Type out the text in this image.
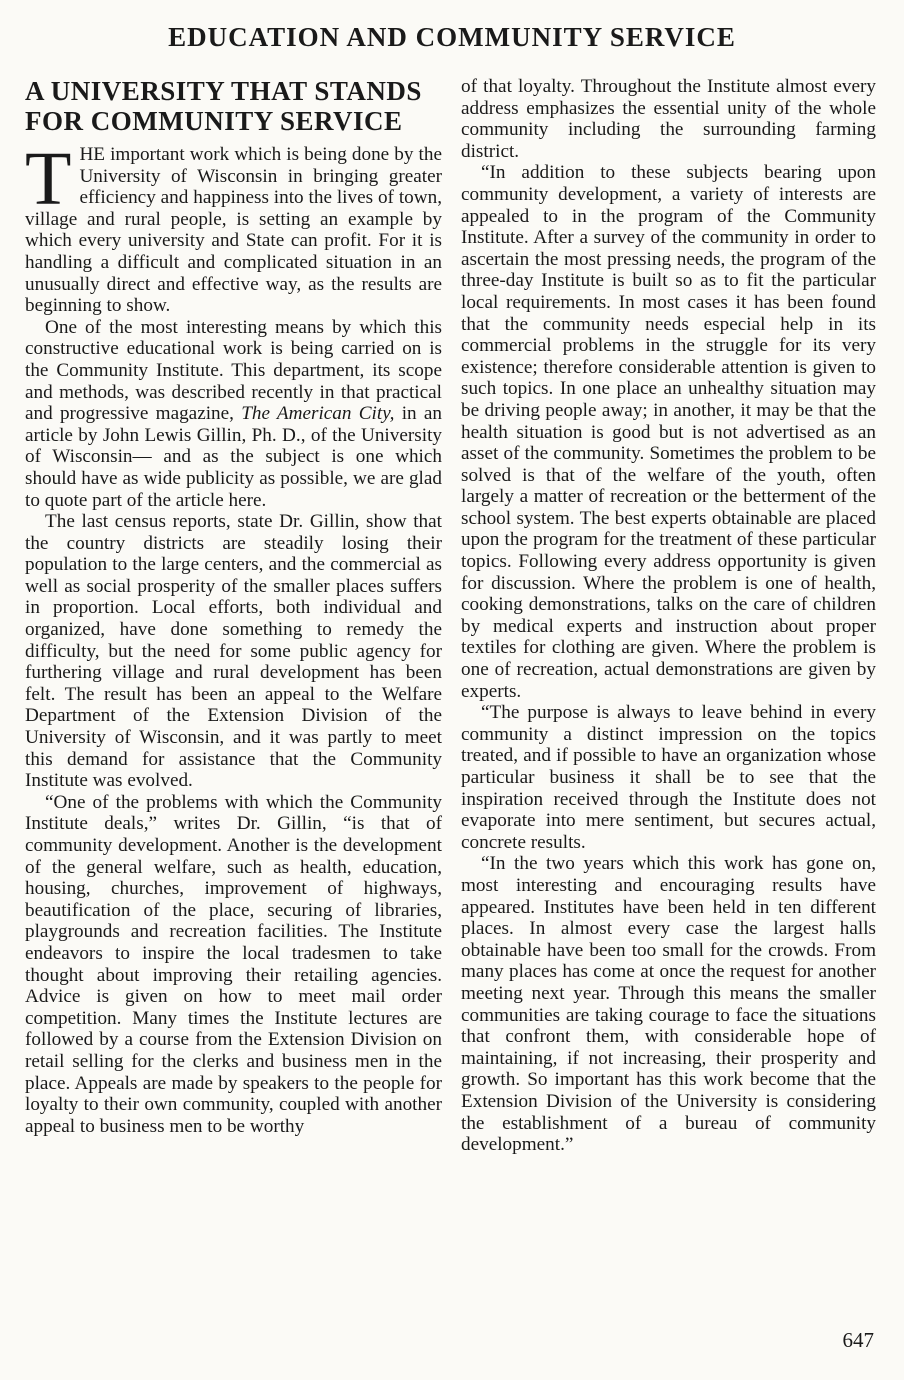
EDUCATION AND COMMUNITY SERVICE
A UNIVERSITY THAT STANDS FOR COMMUNITY SERVICE

THE important work which is being done by the University of Wisconsin in bringing greater efficiency and happiness into the lives of town, village and rural people, is setting an example by which every university and State can profit. For it is handling a difficult and complicated situation in an unusually direct and effective way, as the results are beginning to show.

One of the most interesting means by which this constructive educational work is being carried on is the Community Institute. This department, its scope and methods, was described recently in that practical and progressive magazine, The American City, in an article by John Lewis Gillin, Ph. D., of the University of Wisconsin— and as the subject is one which should have as wide publicity as possible, we are glad to quote part of the article here.

The last census reports, state Dr. Gillin, show that the country districts are steadily losing their population to the large centers, and the commercial as well as social prosperity of the smaller places suffers in proportion. Local efforts, both individual and organized, have done something to remedy the difficulty, but the need for some public agency for furthering village and rural development has been felt. The result has been an appeal to the Welfare Department of the Extension Division of the University of Wisconsin, and it was partly to meet this demand for assistance that the Community Institute was evolved.

“One of the problems with which the Community Institute deals,” writes Dr. Gillin, “is that of community development. Another is the development of the general welfare, such as health, education, housing, churches, improvement of highways, beautification of the place, securing of libraries, playgrounds and recreation facilities. The Institute endeavors to inspire the local tradesmen to take thought about improving their retailing agencies. Advice is given on how to meet mail order competition. Many times the Institute lectures are followed by a course from the Extension Division on retail selling for the clerks and business men in the place. Appeals are made by speakers to the people for loyalty to their own community, coupled with another appeal to business men to be worthy

of that loyalty. Throughout the Institute almost every address emphasizes the essential unity of the whole community including the surrounding farming district.

“In addition to these subjects bearing upon community development, a variety of interests are appealed to in the program of the Community Institute. After a survey of the community in order to ascertain the most pressing needs, the program of the three-day Institute is built so as to fit the particular local requirements. In most cases it has been found that the community needs especial help in its commercial problems in the struggle for its very existence; therefore considerable attention is given to such topics. In one place an unhealthy situation may be driving people away; in another, it may be that the health situation is good but is not advertised as an asset of the community. Sometimes the problem to be solved is that of the welfare of the youth, often largely a matter of recreation or the betterment of the school system. The best experts obtainable are placed upon the program for the treatment of these particular topics. Following every address opportunity is given for discussion. Where the problem is one of health, cooking demonstrations, talks on the care of children by medical experts and instruction about proper textiles for clothing are given. Where the problem is one of recreation, actual demonstrations are given by experts.

“The purpose is always to leave behind in every community a distinct impression on the topics treated, and if possible to have an organization whose particular business it shall be to see that the inspiration received through the Institute does not evaporate into mere sentiment, but secures actual, concrete results.

“In the two years which this work has gone on, most interesting and encouraging results have appeared. Institutes have been held in ten different places. In almost every case the largest halls obtainable have been too small for the crowds. From many places has come at once the request for another meeting next year. Through this means the smaller communities are taking courage to face the situations that confront them, with considerable hope of maintaining, if not increasing, their prosperity and growth. So important has this work become that the Extension Division of the University is considering the establishment of a bureau of community development.”

647
